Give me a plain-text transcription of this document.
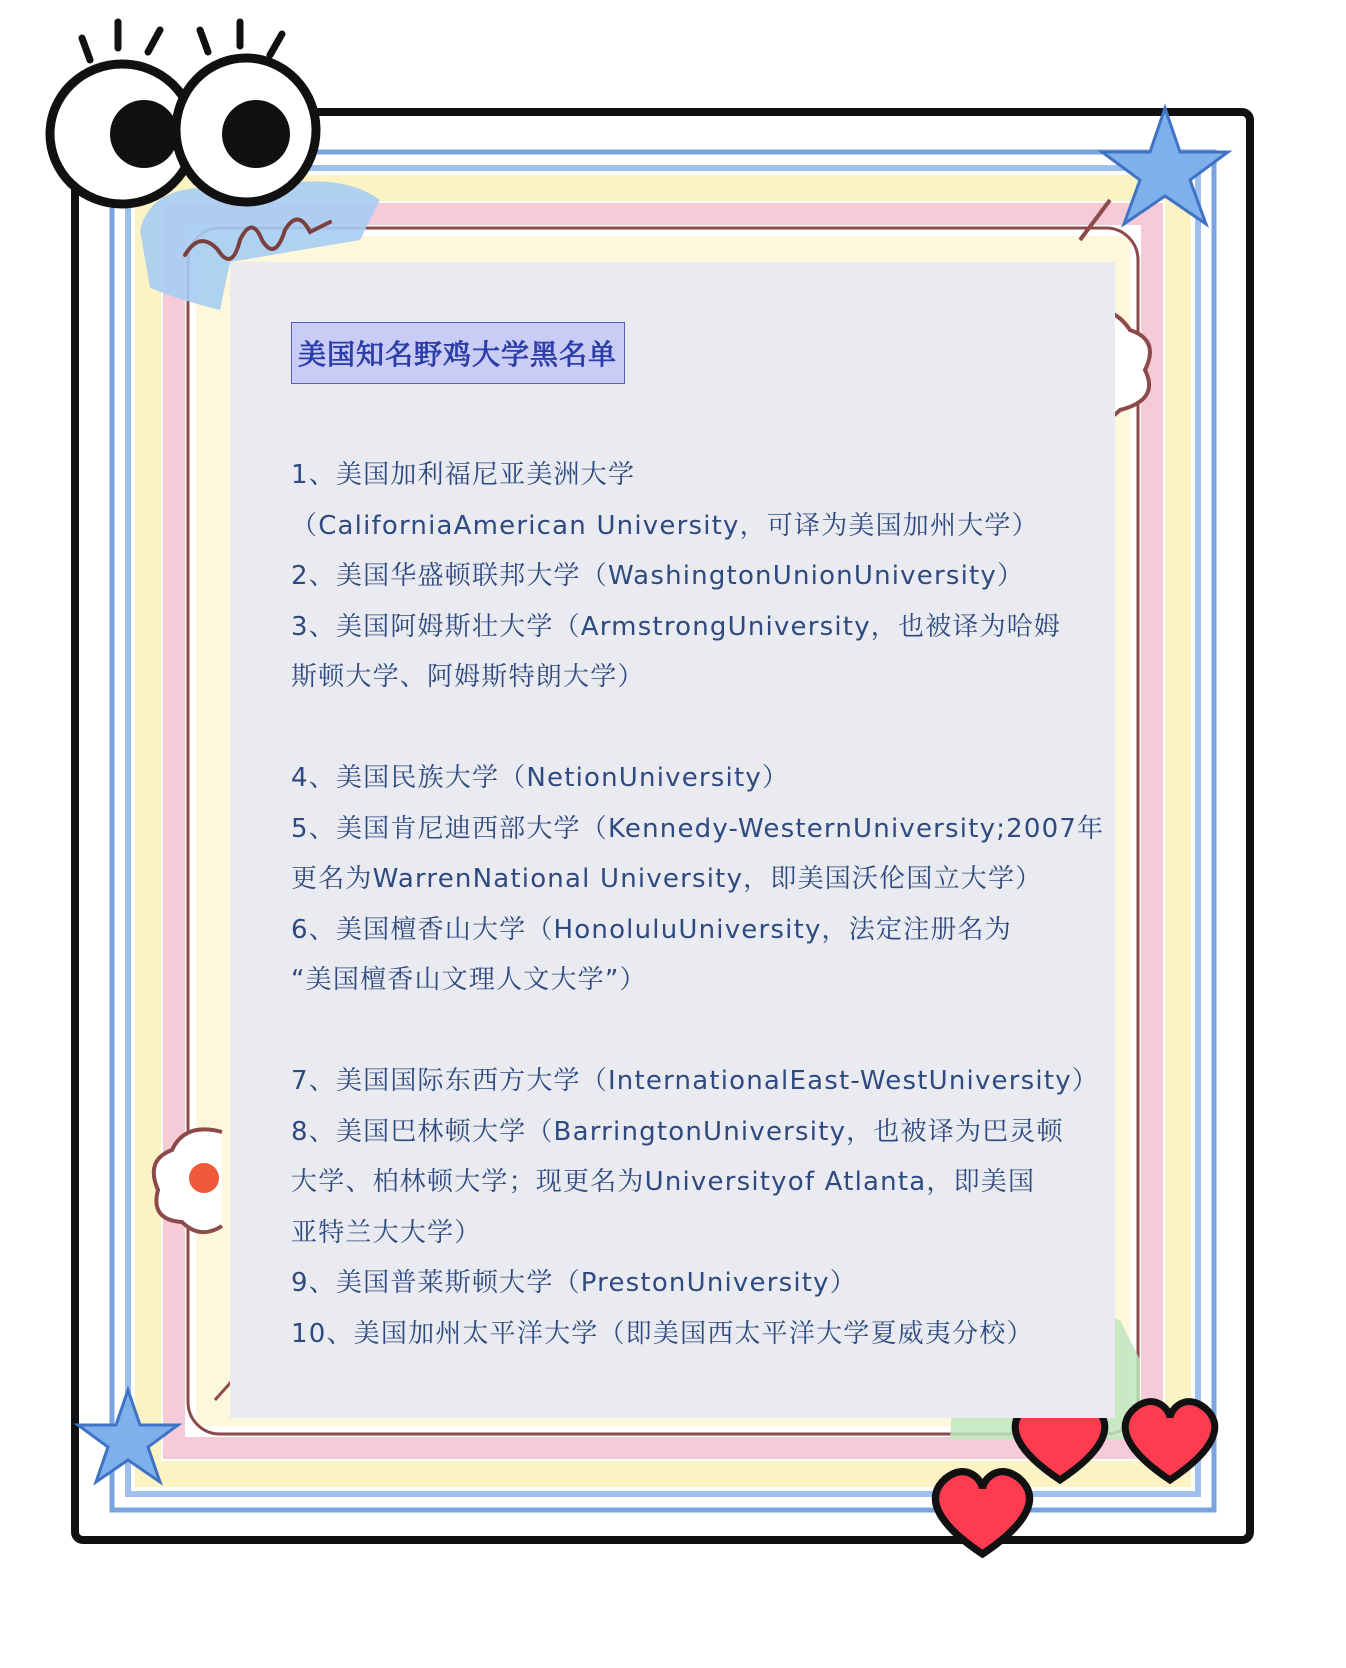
美国知名野鸡大学黑名单
1、美国加利福尼亚美洲大学
（CaliforniaAmerican University，可译为美国加州大学）
2、美国华盛顿联邦大学（WashingtonUnionUniversity）
3、美国阿姆斯壮大学（ArmstrongUniversity，也被译为哈姆
斯顿大学、阿姆斯特朗大学）
4、美国民族大学（NetionUniversity）
5、美国肯尼迪西部大学（Kennedy-WesternUniversity;2007年
更名为WarrenNational University，即美国沃伦国立大学）
6、美国檀香山大学（HonoluluUniversity，法定注册名为
“美国檀香山文理人文大学”）
7、美国国际东西方大学（InternationalEast-WestUniversity）
8、美国巴林顿大学（BarringtonUniversity，也被译为巴灵顿
大学、柏林顿大学；现更名为Universityof Atlanta，即美国
亚特兰大大学）
9、美国普莱斯顿大学（PrestonUniversity）
10、美国加州太平洋大学（即美国西太平洋大学夏威夷分校）
